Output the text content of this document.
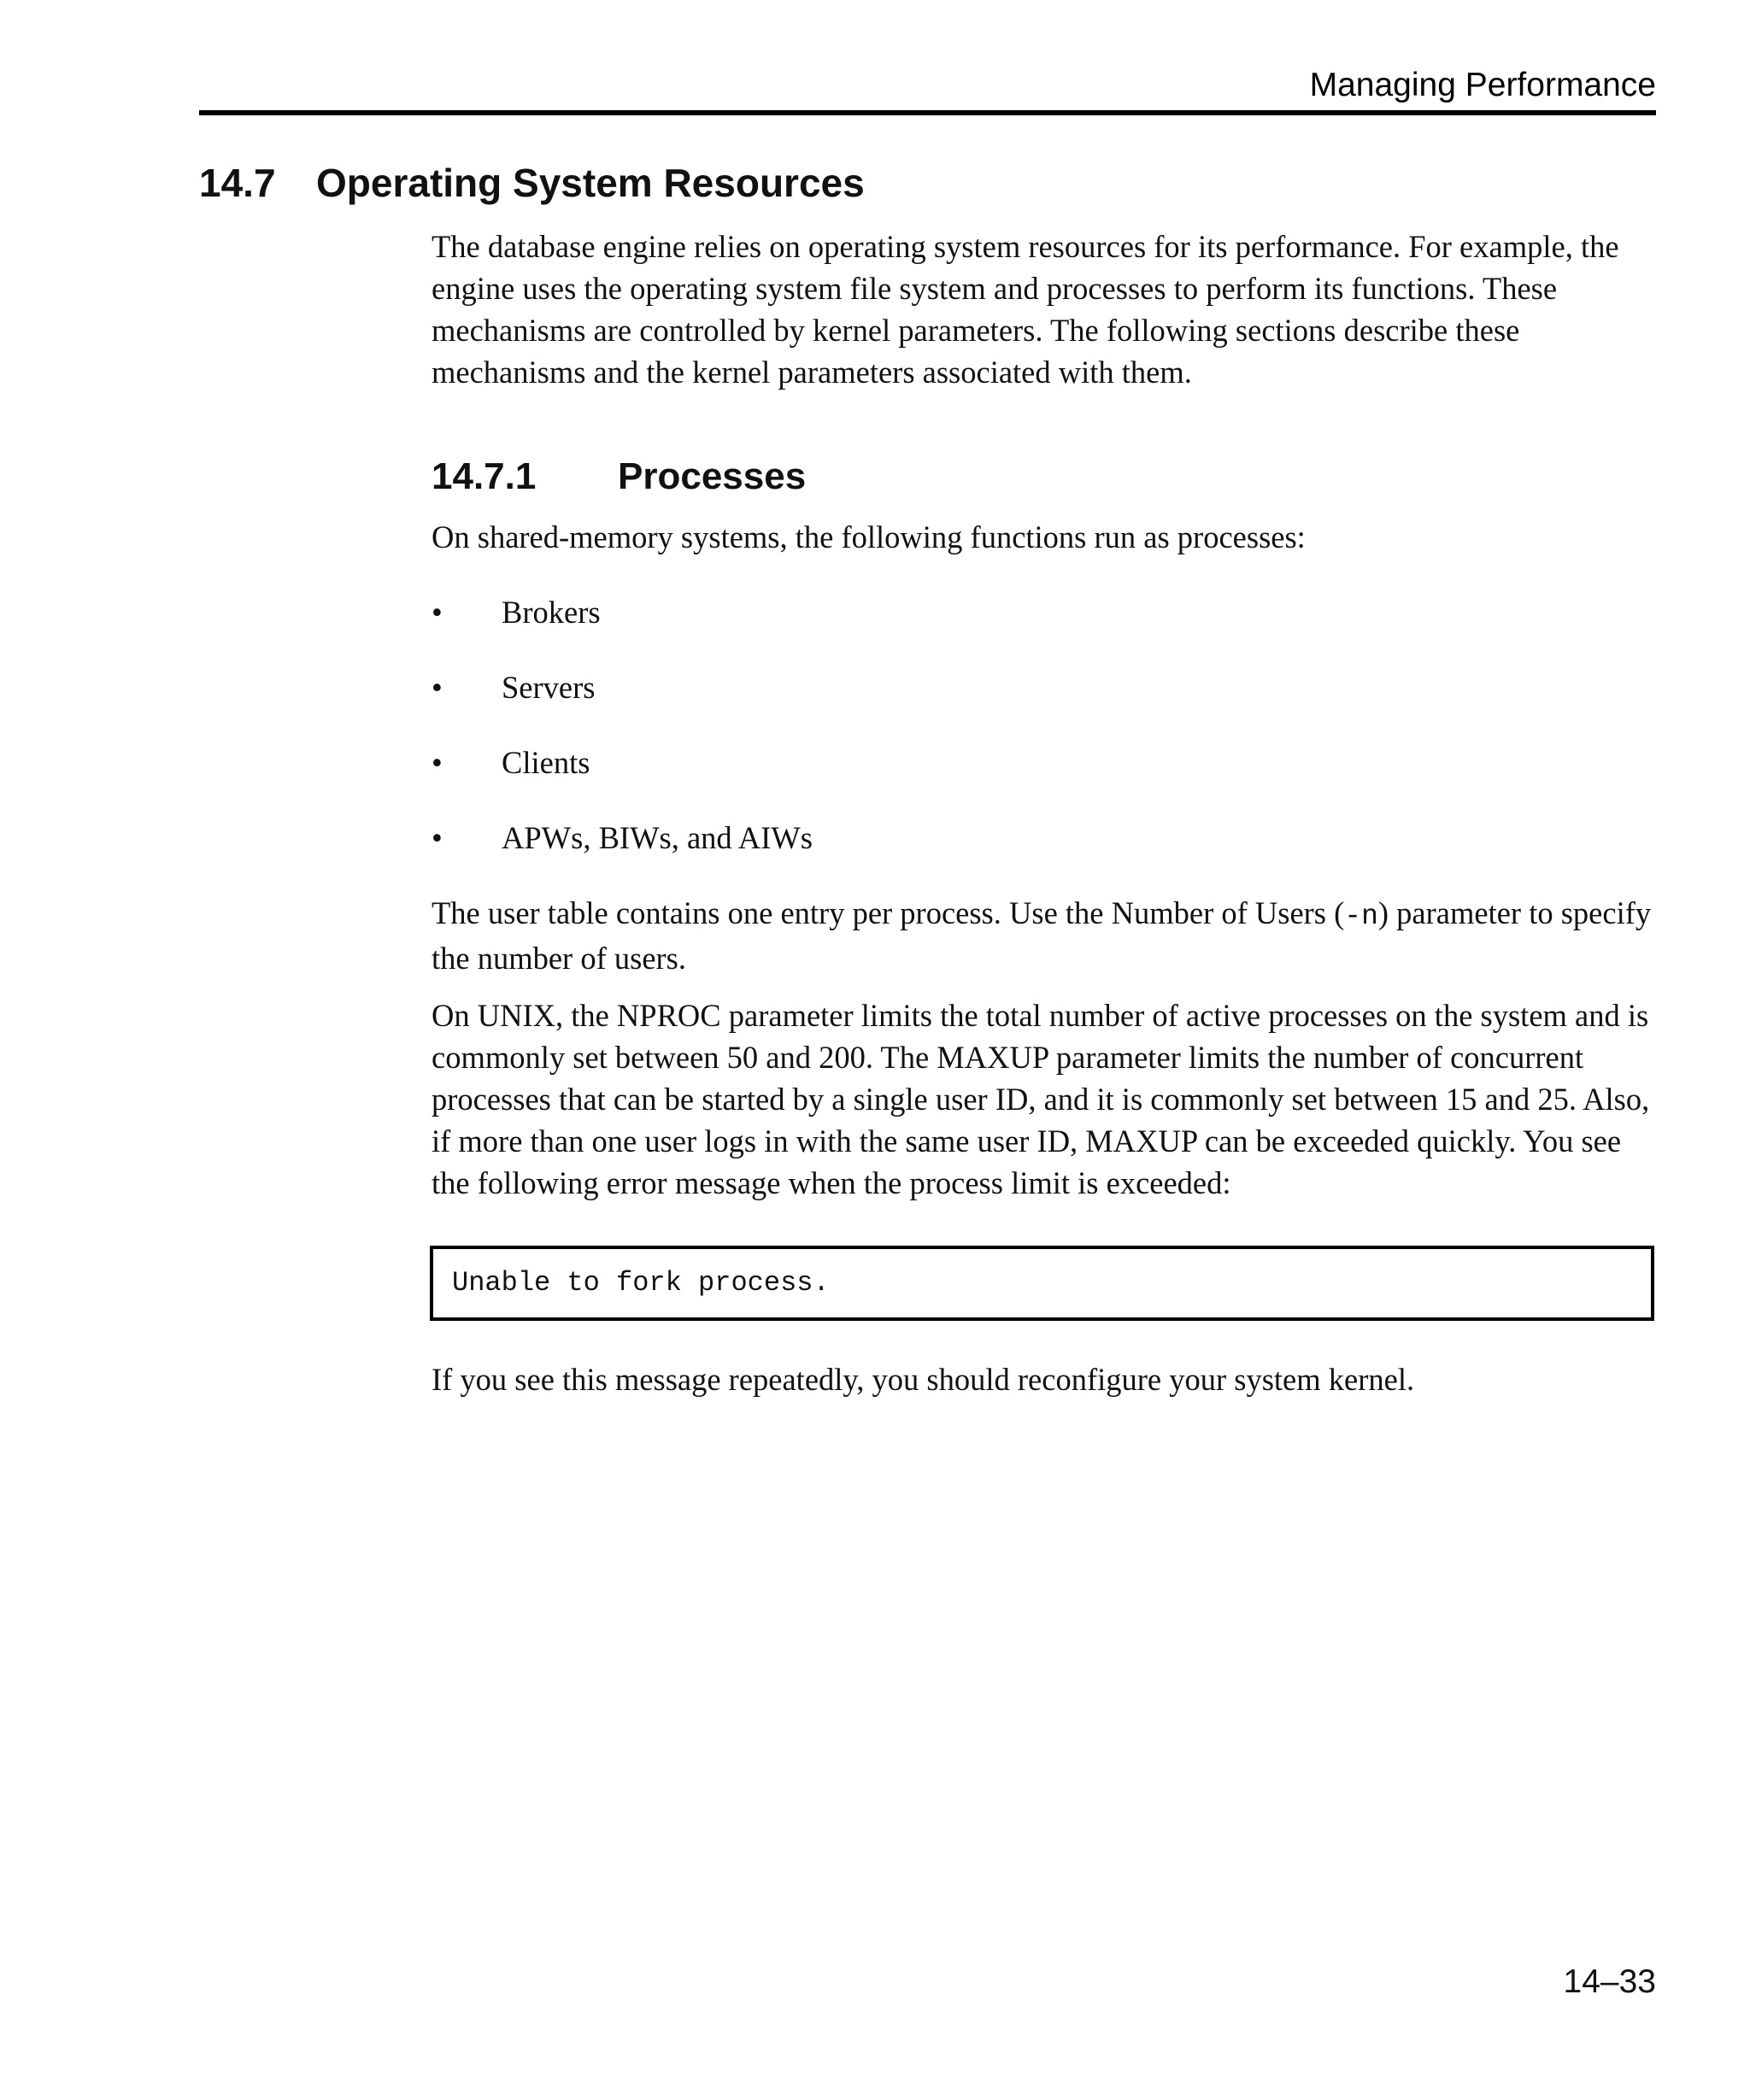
Managing Performance
14.7 Operating System Resources

The database engine relies on operating system resources for its performance. For example, the engine uses the operating system file system and processes to perform its functions. These mechanisms are controlled by kernel parameters. The following sections describe these mechanisms and the kernel parameters associated with them.

14.7.1 Processes

On shared-memory systems, the following functions run as processes:

• Brokers
• Servers
• Clients
• APWs, BIWs, and AIWs

The user table contains one entry per process. Use the Number of Users (-n) parameter to specify the number of users.

On UNIX, the NPROC parameter limits the total number of active processes on the system and is commonly set between 50 and 200. The MAXUP parameter limits the number of concurrent processes that can be started by a single user ID, and it is commonly set between 15 and 25. Also, if more than one user logs in with the same user ID, MAXUP can be exceeded quickly. You see the following error message when the process limit is exceeded:

Unable to fork process.

If you see this message repeatedly, you should reconfigure your system kernel.

14–33
